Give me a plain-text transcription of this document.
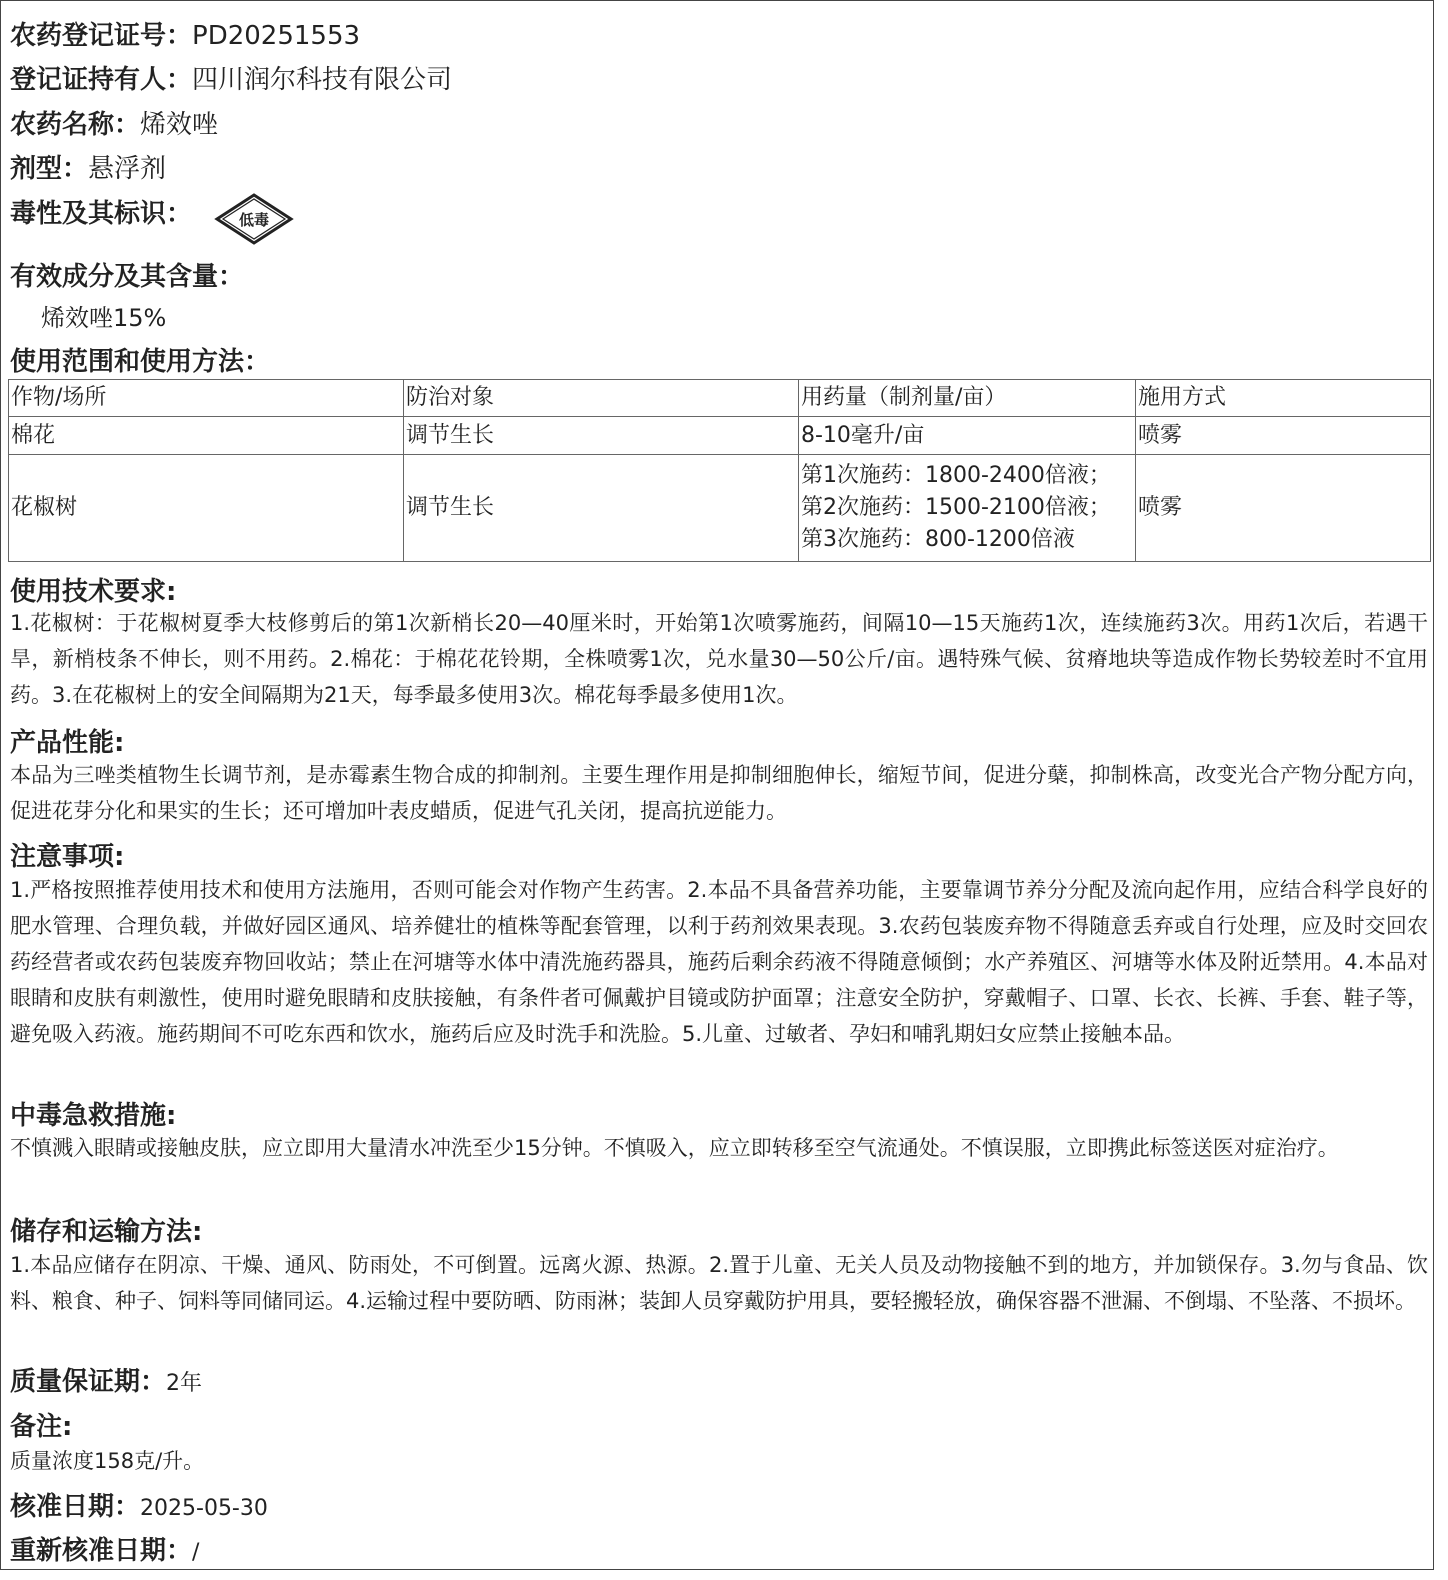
农药登记证号：PD20251553
登记证持有人：四川润尔科技有限公司
农药名称：烯效唑
剂型：悬浮剂
毒性及其标识：	低毒
有效成分及其含量：
烯效唑15%
使用范围和使用方法：
作物/场所	防治对象	用药量（制剂量/亩）	施用方式
棉花	调节生长	8-10毫升/亩	喷雾
花椒树	调节生长	第1次施药：1800-2400倍液；
第2次施药：1500-2100倍液；
第3次施药：800-1200倍液	喷雾
使用技术要求:
1.花椒树：于花椒树夏季大枝修剪后的第1次新梢长20—40厘米时，开始第1次喷雾施药，间隔10—15天施药1次，连续施药3次。用药1次后，若遇干旱，新梢枝条不伸长，则不用药。2.棉花：于棉花花铃期，全株喷雾1次，兑水量30—50公斤/亩。遇特殊气候、贫瘠地块等造成作物长势较差时不宜用药。3.在花椒树上的安全间隔期为21天，每季最多使用3次。棉花每季最多使用1次。
产品性能:
本品为三唑类植物生长调节剂，是赤霉素生物合成的抑制剂。主要生理作用是抑制细胞伸长，缩短节间，促进分蘖，抑制株高，改变光合产物分配方向，促进花芽分化和果实的生长；还可增加叶表皮蜡质，促进气孔关闭，提高抗逆能力。
注意事项:
1.严格按照推荐使用技术和使用方法施用，否则可能会对作物产生药害。2.本品不具备营养功能，主要靠调节养分分配及流向起作用，应结合科学良好的肥水管理、合理负载，并做好园区通风、培养健壮的植株等配套管理，以利于药剂效果表现。3.农药包装废弃物不得随意丢弃或自行处理，应及时交回农药经营者或农药包装废弃物回收站；禁止在河塘等水体中清洗施药器具，施药后剩余药液不得随意倾倒；水产养殖区、河塘等水体及附近禁用。4.本品对眼睛和皮肤有刺激性，使用时避免眼睛和皮肤接触，有条件者可佩戴护目镜或防护面罩；注意安全防护，穿戴帽子、口罩、长衣、长裤、手套、鞋子等，避免吸入药液。施药期间不可吃东西和饮水，施药后应及时洗手和洗脸。5.儿童、过敏者、孕妇和哺乳期妇女应禁止接触本品。
中毒急救措施:
不慎溅入眼睛或接触皮肤，应立即用大量清水冲洗至少15分钟。不慎吸入，应立即转移至空气流通处。不慎误服，立即携此标签送医对症治疗。
储存和运输方法:
1.本品应储存在阴凉、干燥、通风、防雨处，不可倒置。远离火源、热源。2.置于儿童、无关人员及动物接触不到的地方，并加锁保存。3.勿与食品、饮料、粮食、种子、饲料等同储同运。4.运输过程中要防晒、防雨淋；装卸人员穿戴防护用具，要轻搬轻放，确保容器不泄漏、不倒塌、不坠落、不损坏。
质量保证期：2年
备注:
质量浓度158克/升。
核准日期：2025-05-30
重新核准日期：/
